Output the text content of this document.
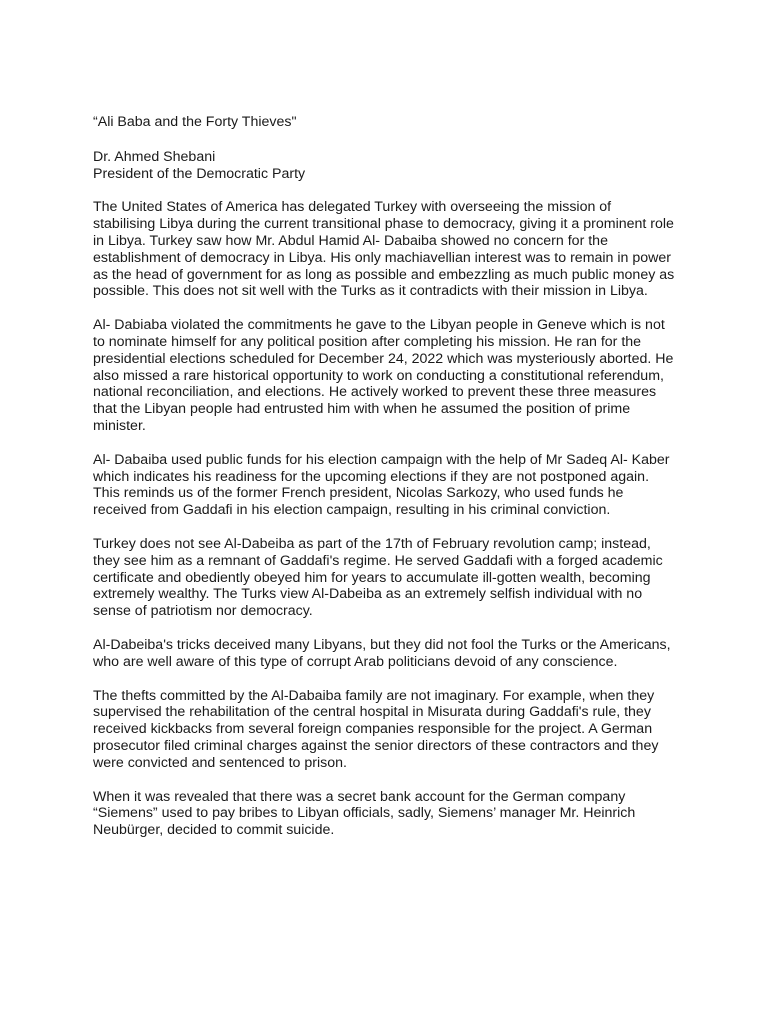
“Ali Baba and the Forty Thieves"
Dr. Ahmed Shebani
President of the Democratic Party
The United States of America has delegated Turkey with overseeing the mission of stabilising Libya during the current transitional phase to democracy, giving it a prominent role in Libya. Turkey saw how Mr. Abdul Hamid Al- Dabaiba showed no concern for the establishment of democracy in Libya. His only machiavellian interest was to remain in power as the head of government for as long as possible and embezzling as much public money as possible. This does not sit well with the Turks as it contradicts with their mission in Libya.
Al- Dabiaba violated the commitments he gave to the Libyan people in Geneve which is not to nominate himself for any political position after completing his mission. He ran for the presidential elections scheduled for December 24, 2022 which was mysteriously aborted. He also missed a rare historical opportunity to work on conducting a constitutional referendum, national reconciliation, and elections. He actively worked to prevent these three measures that the Libyan people had entrusted him with when he assumed the position of prime minister.
Al- Dabaiba used public funds for his election campaign with the help of Mr Sadeq Al- Kaber which indicates his readiness for the upcoming elections if they are not postponed again. This reminds us of the former French president, Nicolas Sarkozy, who used funds he received from Gaddafi in his election campaign, resulting in his criminal conviction.
Turkey does not see Al-Dabeiba as part of the 17th of February revolution camp; instead, they see him as a remnant of Gaddafi's regime. He served Gaddafi with a forged academic certificate and obediently obeyed him for years to accumulate ill-gotten wealth, becoming extremely wealthy. The Turks view Al-Dabeiba as an extremely selfish individual with no sense of patriotism nor democracy.
Al-Dabeiba's tricks deceived many Libyans, but they did not fool the Turks or the Americans, who are well aware of this type of corrupt Arab politicians devoid of any conscience.
The thefts committed by the Al-Dabaiba family are not imaginary. For example, when they supervised the rehabilitation of the central hospital in Misurata during Gaddafi's rule, they received kickbacks from several foreign companies responsible for the project. A German prosecutor filed criminal charges against the senior directors of these contractors and they were convicted and sentenced to prison.
When it was revealed that there was a secret bank account for the German company “Siemens” used to pay bribes to Libyan officials, sadly, Siemens’ manager Mr. Heinrich Neubürger, decided to commit suicide.
